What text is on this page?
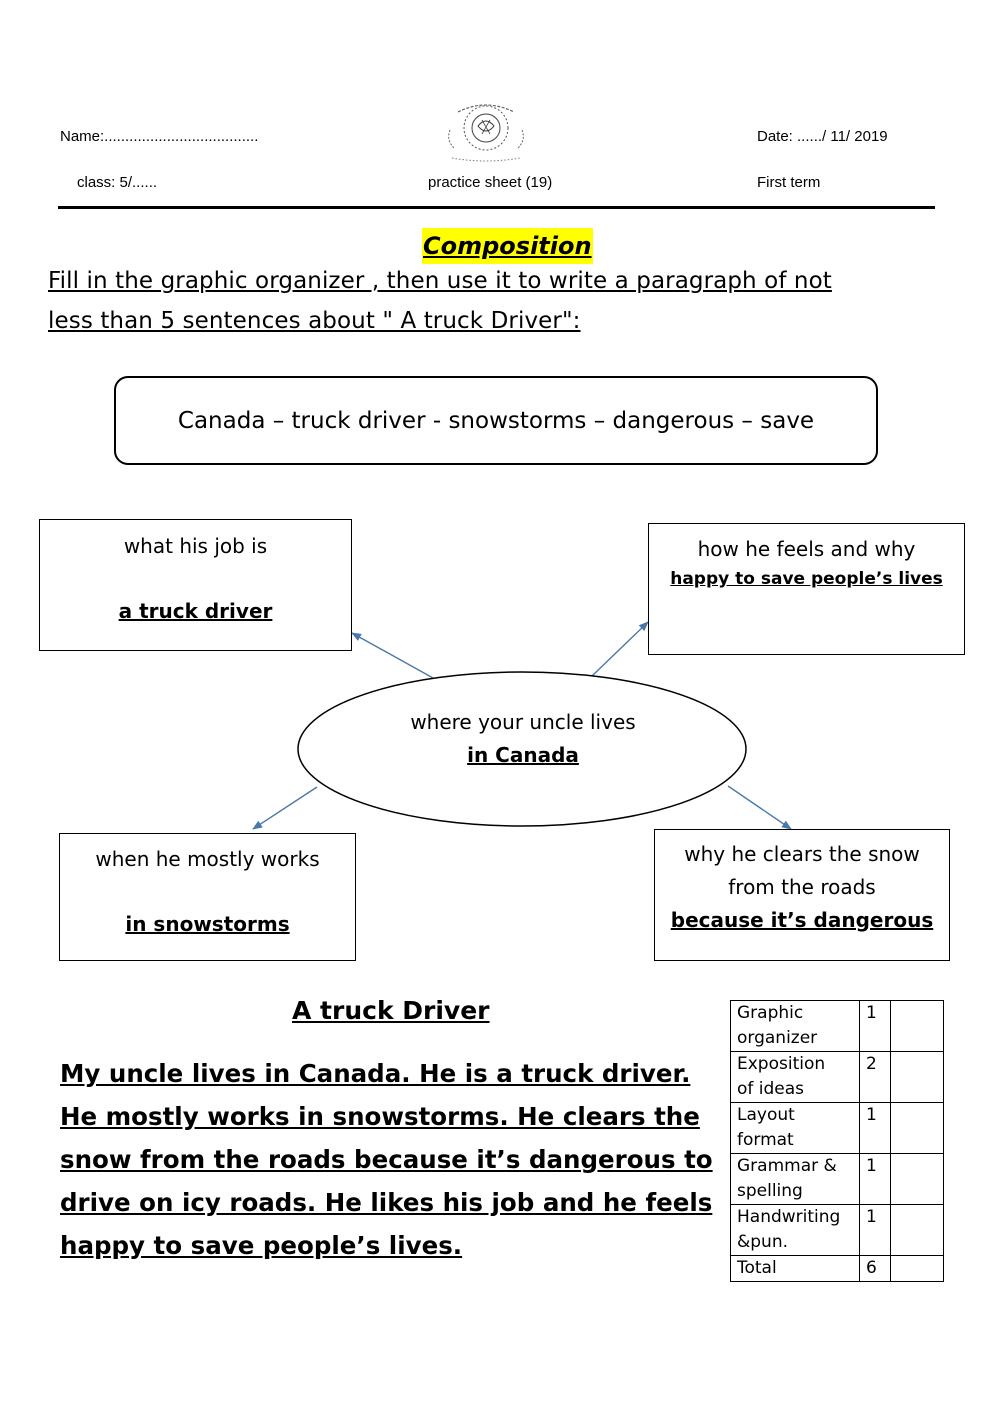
Name:.....................................	Date: ....../ 11/ 2019
class: 5/......	practice sheet (19)	First term
Composition
Fill in the graphic organizer , then use it to write a paragraph of not
less than 5 sentences about " A truck Driver":
Canada – truck driver - snowstorms – dangerous – save
where your uncle lives
in Canada
what his job is
a truck driver
how he feels and why
happy to save people’s lives
when he mostly works
in snowstorms
why he clears the snow
from the roads
because it’s dangerous
A truck Driver
My uncle lives in Canada. He is a truck driver.
He mostly works in snowstorms. He clears the
snow from the roads because it’s dangerous to
drive on icy roads. He likes his job and he feels
happy to save people’s lives.
Graphic
organizer	1	
Exposition
of ideas	2	
Layout
format	1	
Grammar &
spelling	1	
Handwriting
&pun.	1	
Total	6	
